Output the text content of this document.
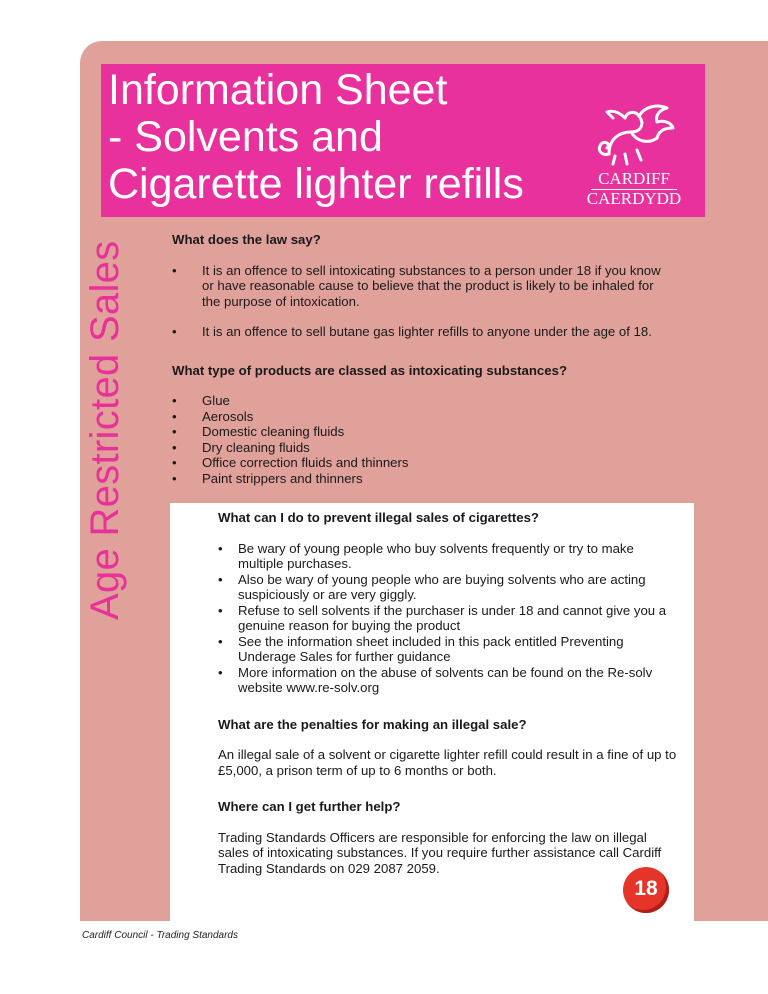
Age Restricted Sales
Information Sheet
- Solvents and
Cigarette lighter refills	CARDIFF
CAERDYDD
What does the law say?
• It is an offence to sell intoxicating substances to a person under 18 if you know or have reasonable cause to believe that the product is likely to be inhaled for the purpose of intoxication.
• It is an offence to sell butane gas lighter refills to anyone under the age of 18.
What type of products are classed as intoxicating substances?
• Glue
• Aerosols
• Domestic cleaning fluids
• Dry cleaning fluids
• Office correction fluids and thinners
• Paint strippers and thinners
What can I do to prevent illegal sales of cigarettes?
• Be wary of young people who buy solvents frequently or try to make multiple purchases.
• Also be wary of young people who are buying solvents who are acting suspiciously or are very giggly.
• Refuse to sell solvents if the purchaser is under 18 and cannot give you a genuine reason for buying the product
• See the information sheet included in this pack entitled Preventing Underage Sales for further guidance
• More information on the abuse of solvents can be found on the Re-solv website www.re-solv.org
What are the penalties for making an illegal sale?
An illegal sale of a solvent or cigarette lighter refill could result in a fine of up to £5,000, a prison term of up to 6 months or both.
Where can I get further help?
Trading Standards Officers are responsible for enforcing the law on illegal sales of intoxicating substances. If you require further assistance call Cardiff Trading Standards on 029 2087 2059.
18
Cardiff Council - Trading Standards
